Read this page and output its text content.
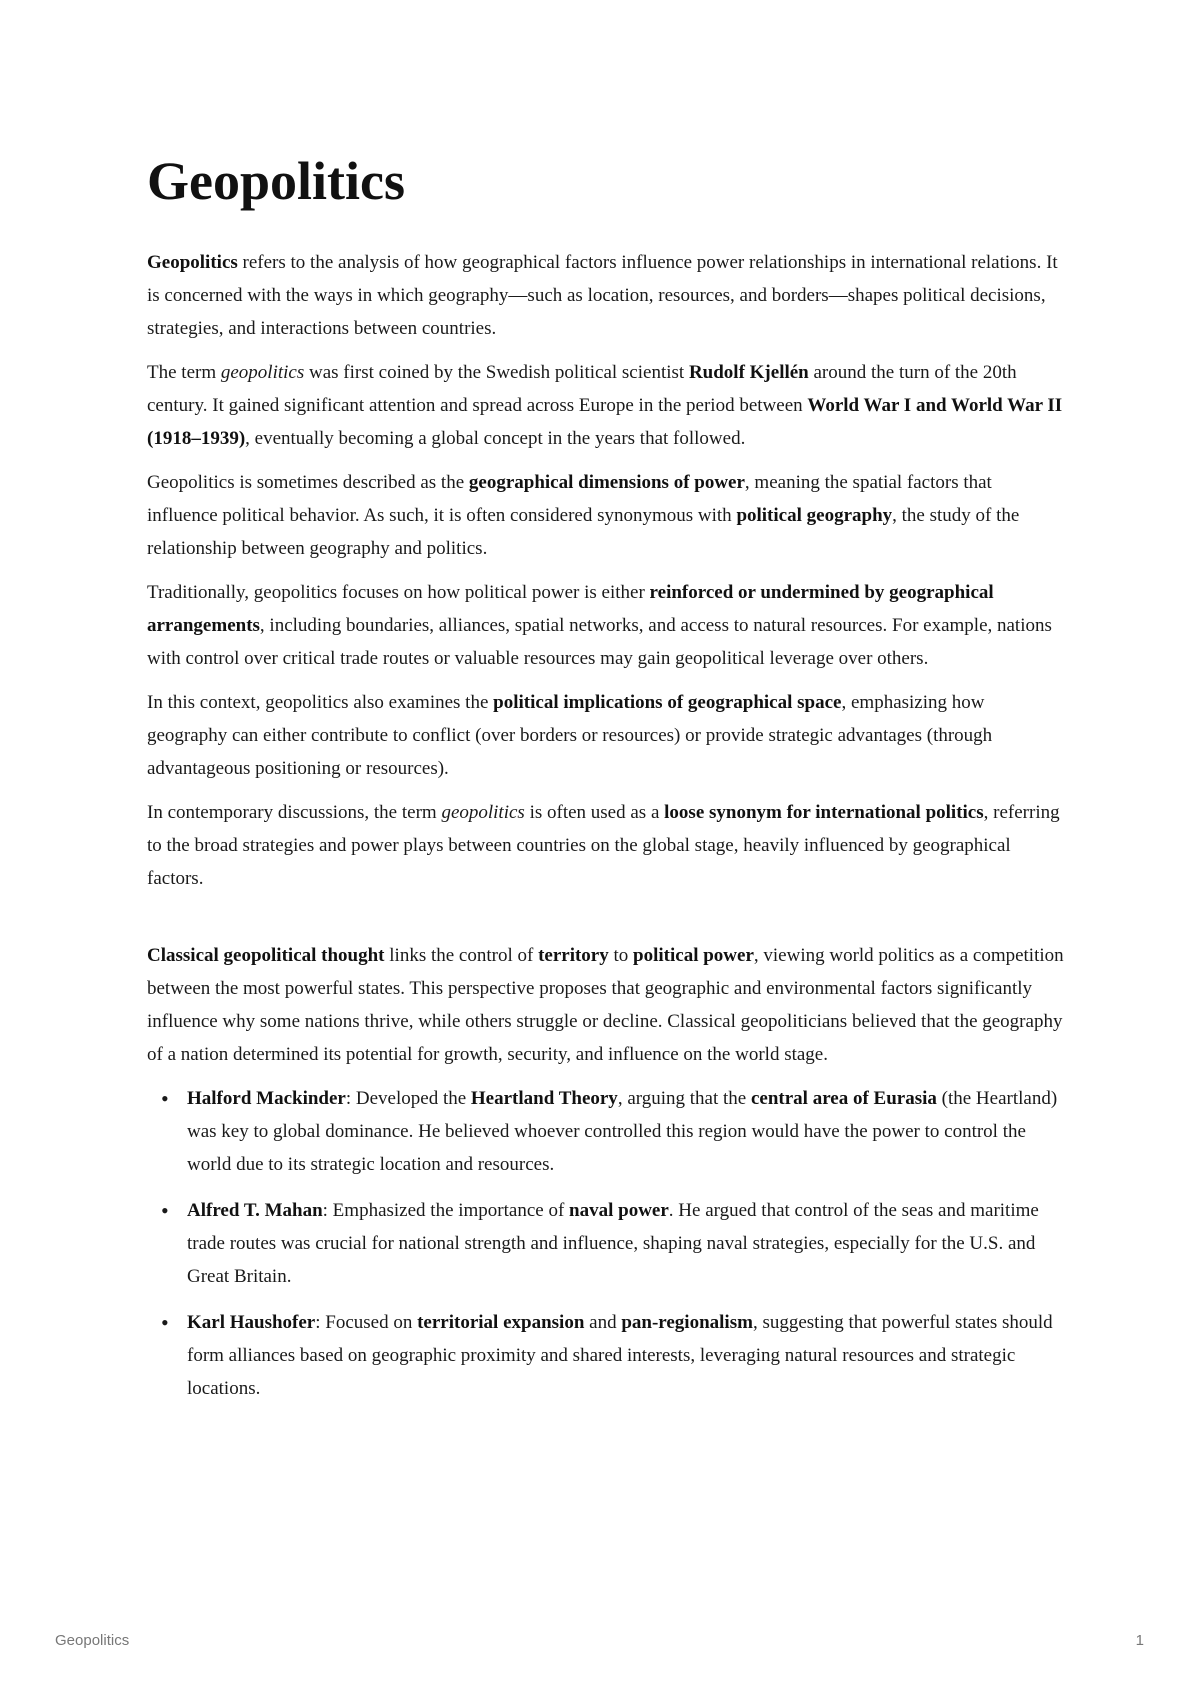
Geopolitics

Geopolitics refers to the analysis of how geographical factors influence power relationships in international relations. It is concerned with the ways in which geography—such as location, resources, and borders—shapes political decisions, strategies, and interactions between countries.

The term geopolitics was first coined by the Swedish political scientist Rudolf Kjellén around the turn of the 20th century. It gained significant attention and spread across Europe in the period between World War I and World War II (1918–1939), eventually becoming a global concept in the years that followed.

Geopolitics is sometimes described as the geographical dimensions of power, meaning the spatial factors that influence political behavior. As such, it is often considered synonymous with political geography, the study of the relationship between geography and politics.

Traditionally, geopolitics focuses on how political power is either reinforced or undermined by geographical arrangements, including boundaries, alliances, spatial networks, and access to natural resources. For example, nations with control over critical trade routes or valuable resources may gain geopolitical leverage over others.

In this context, geopolitics also examines the political implications of geographical space, emphasizing how geography can either contribute to conflict (over borders or resources) or provide strategic advantages (through advantageous positioning or resources).

In contemporary discussions, the term geopolitics is often used as a loose synonym for international politics, referring to the broad strategies and power plays between countries on the global stage, heavily influenced by geographical factors.

Classical geopolitical thought links the control of territory to political power, viewing world politics as a competition between the most powerful states. This perspective proposes that geographic and environmental factors significantly influence why some nations thrive, while others struggle or decline. Classical geopoliticians believed that the geography of a nation determined its potential for growth, security, and influence on the world stage.

• Halford Mackinder: Developed the Heartland Theory, arguing that the central area of Eurasia (the Heartland) was key to global dominance. He believed whoever controlled this region would have the power to control the world due to its strategic location and resources.
• Alfred T. Mahan: Emphasized the importance of naval power. He argued that control of the seas and maritime trade routes was crucial for national strength and influence, shaping naval strategies, especially for the U.S. and Great Britain.
• Karl Haushofer: Focused on territorial expansion and pan-regionalism, suggesting that powerful states should form alliances based on geographic proximity and shared interests, leveraging natural resources and strategic locations.
Geopolitics	1
